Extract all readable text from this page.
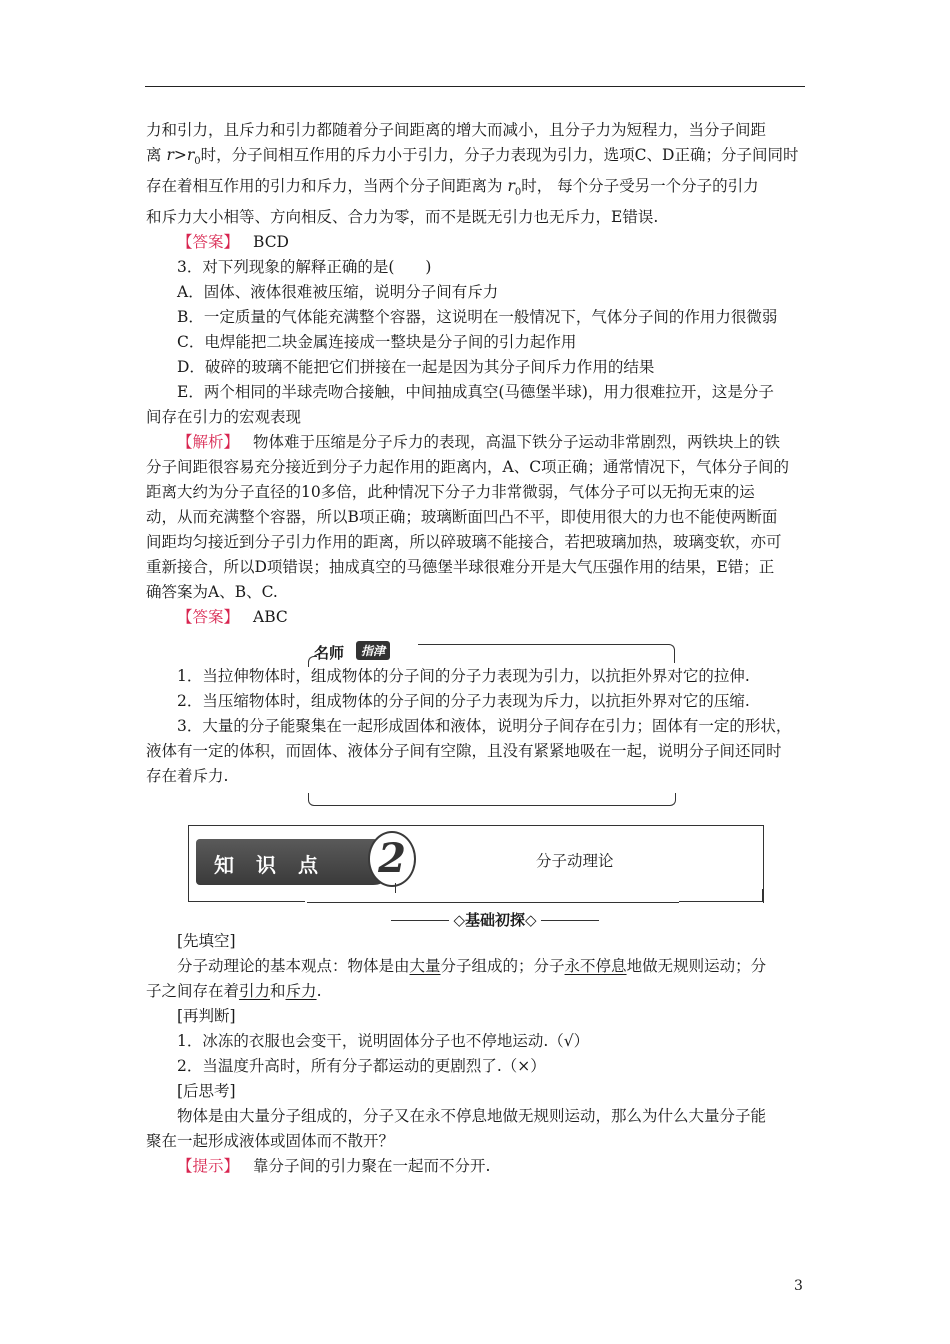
力和引力，且斥力和引力都随着分子间距离的增大而减小，且分子力为短程力，当分子间距

离 $r>r_0$时，分子间相互作用的斥力小于引力，分子力表现为引力，选项C、D正确；分子间同时

存在着相互作用的引力和斥力，当两个分子间距离为 $r_0$时， 每个分子受另一个分子的引力

和斥力大小相等、方向相反、合力为零，而不是既无引力也无斥力，E错误.

【答案】 BCD

3．对下列现象的解释正确的是(　　)

A．固体、液体很难被压缩，说明分子间有斥力

B．一定质量的气体能充满整个容器，这说明在一般情况下，气体分子间的作用力很微弱

C．电焊能把二块金属连接成一整块是分子间的引力起作用

D．破碎的玻璃不能把它们拼接在一起是因为其分子间斥力作用的结果

E．两个相同的半球壳吻合接触，中间抽成真空(马德堡半球)，用力很难拉开，这是分子

间存在引力的宏观表现

【解析】 物体难于压缩是分子斥力的表现，高温下铁分子运动非常剧烈，两铁块上的铁

分子间距很容易充分接近到分子力起作用的距离内，A、C项正确；通常情况下，气体分子间的

距离大约为分子直径的10多倍，此种情况下分子力非常微弱，气体分子可以无拘无束的运

动，从而充满整个容器，所以B项正确；玻璃断面凹凸不平，即使用很大的力也不能使两断面

间距均匀接近到分子引力作用的距离，所以碎玻璃不能接合，若把玻璃加热，玻璃变软，亦可

重新接合，所以D项错误；抽成真空的马德堡半球很难分开是大气压强作用的结果，E错；正

确答案为A、B、C.

【答案】 ABC

名师	指津

1．当拉伸物体时，组成物体的分子间的分子力表现为引力，以抗拒外界对它的拉伸.

2．当压缩物体时，组成物体的分子间的分子力表现为斥力，以抗拒外界对它的压缩.

3．大量的分子能聚集在一起形成固体和液体，说明分子间存在引力；固体有一定的形状，

液体有一定的体积，而固体、液体分子间有空隙，且没有紧紧地吸在一起，说明分子间还同时

存在着斥力.

知识点 2	分子动理论
◇基础初探◇

[先填空]

分子动理论的基本观点：物体是由大量分子组成的；分子永不停息地做无规则运动；分

子之间存在着引力和斥力.

[再判断]

1．冰冻的衣服也会变干，说明固体分子也不停地运动.（√）

2．当温度升高时，所有分子都运动的更剧烈了.（×）

[后思考]

物体是由大量分子组成的，分子又在永不停息地做无规则运动，那么为什么大量分子能

聚在一起形成液体或固体而不散开？

【提示】 靠分子间的引力聚在一起而不分开.

3
